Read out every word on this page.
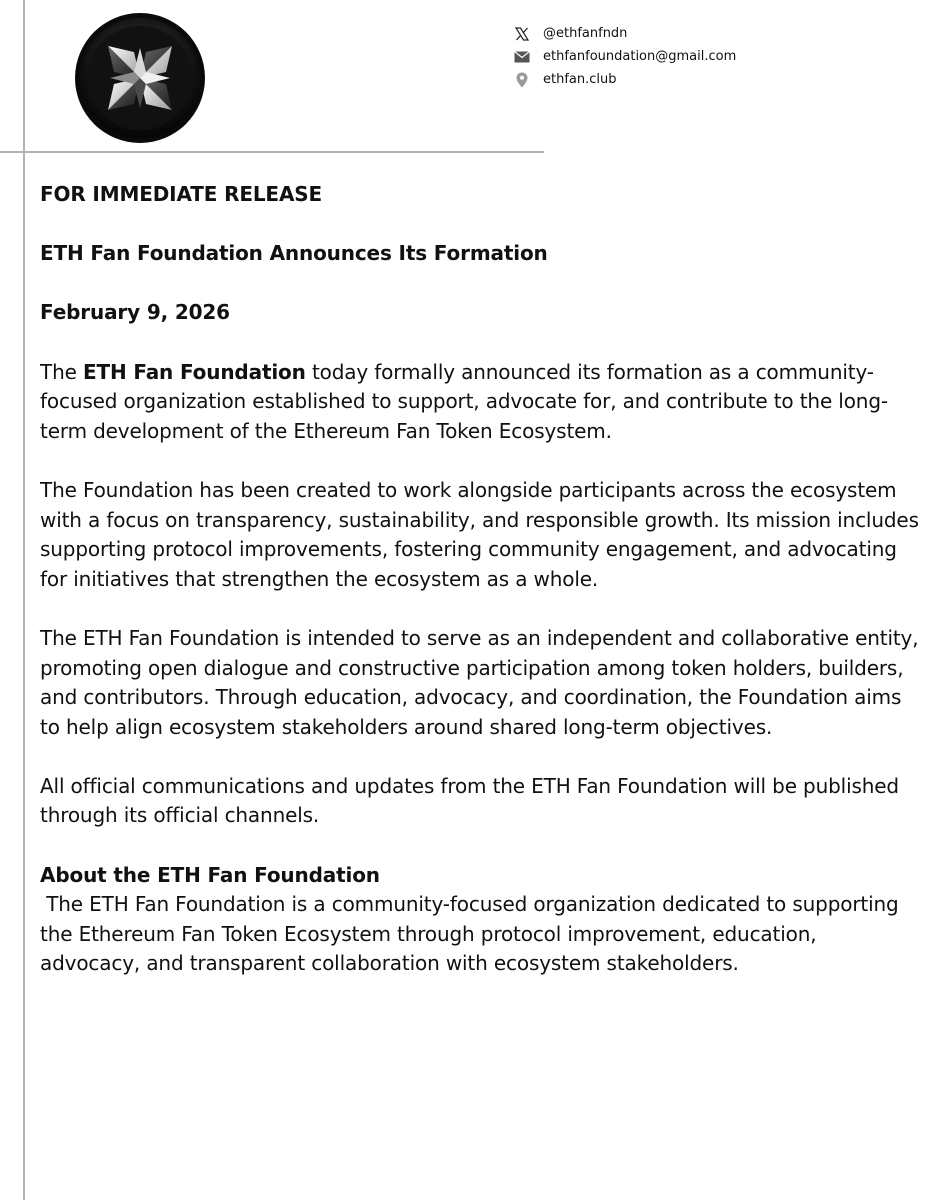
@ethfanfndn
ethfanfoundation@gmail.com
ethfan.club

FOR IMMEDIATE RELEASE

ETH Fan Foundation Announces Its Formation

February 9, 2026

The ETH Fan Foundation today formally announced its formation as a community-focused organization established to support, advocate for, and contribute to the long-term development of the Ethereum Fan Token Ecosystem.

The Foundation has been created to work alongside participants across the ecosystem with a focus on transparency, sustainability, and responsible growth. Its mission includes supporting protocol improvements, fostering community engagement, and advocating for initiatives that strengthen the ecosystem as a whole.

The ETH Fan Foundation is intended to serve as an independent and collaborative entity, promoting open dialogue and constructive participation among token holders, builders, and contributors. Through education, advocacy, and coordination, the Foundation aims to help align ecosystem stakeholders around shared long-term objectives.

All official communications and updates from the ETH Fan Foundation will be published through its official channels.

About the ETH Fan Foundation
The ETH Fan Foundation is a community-focused organization dedicated to supporting the Ethereum Fan Token Ecosystem through protocol improvement, education, advocacy, and transparent collaboration with ecosystem stakeholders.
